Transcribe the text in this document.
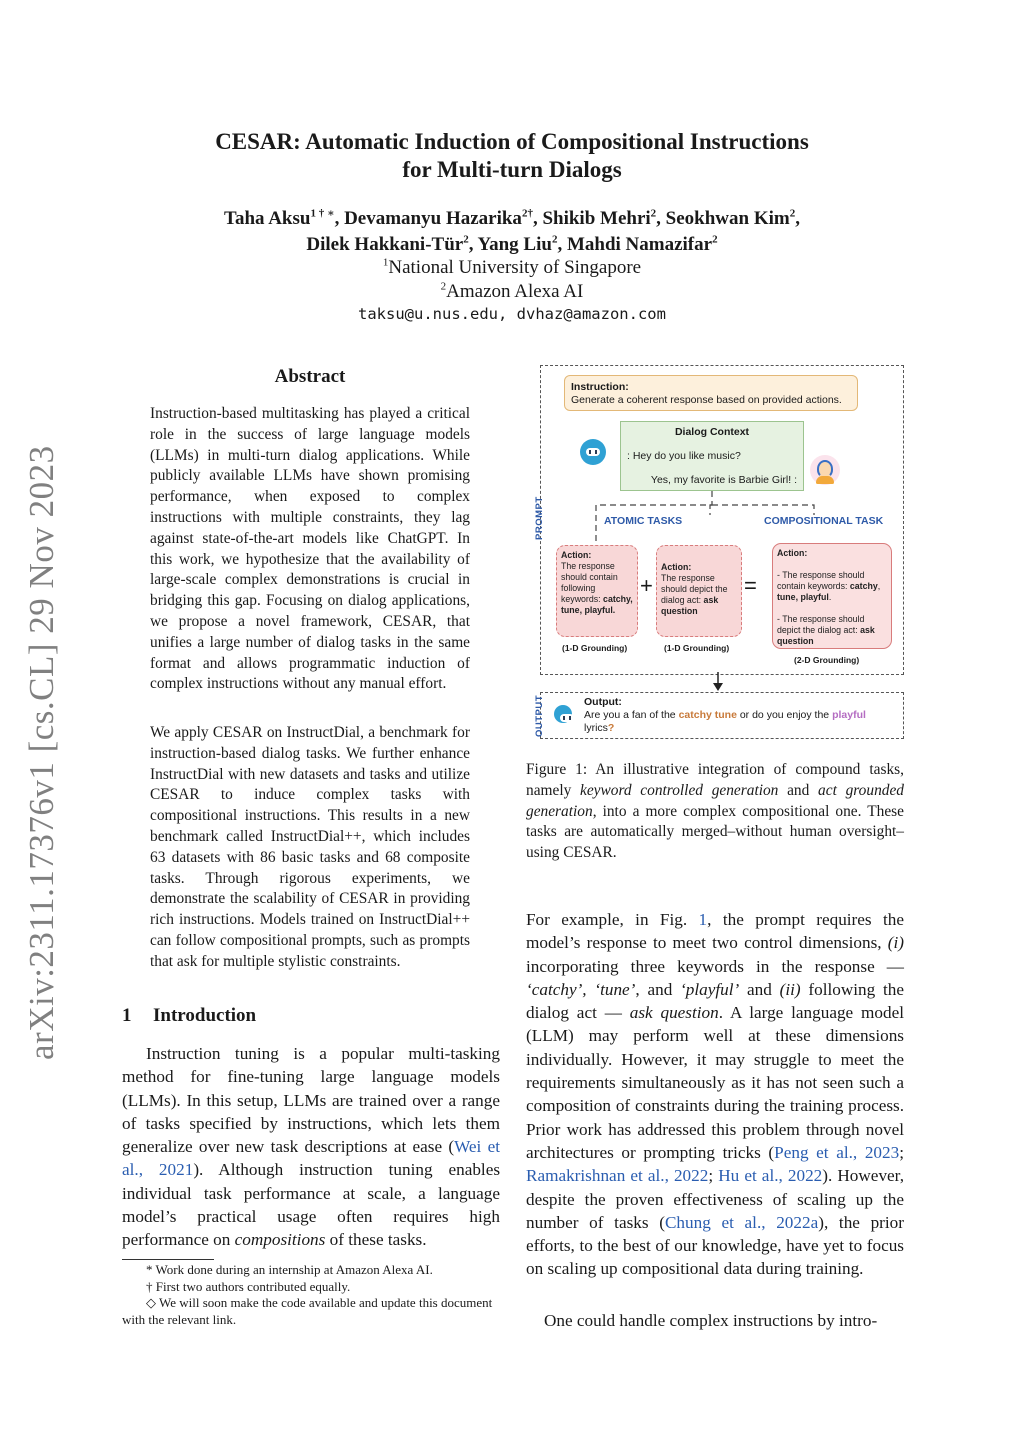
arXiv:2311.17376v1 [cs.CL] 29 Nov 2023
CESAR: Automatic Induction of Compositional Instructions
for Multi-turn Dialogs
Taha Aksu$^{1 \dagger ∗}$, Devamanyu Hazarika$^{2\dagger}$, Shikib Mehri$^2$, Seokhwan Kim$^2$,
Dilek Hakkani-Tür$^2$, Yang Liu$^2$, Mahdi Namazifar$^2$
$^1$National University of Singapore
$^2$Amazon Alexa AI
taksu@u.nus.edu, dvhaz@amazon.com
Abstract
Instruction-based multitasking has played a critical role in the success of large language models (LLMs) in multi-turn dialog applications. While publicly available LLMs have shown promising performance, when exposed to complex instructions with multiple constraints, they lag against state-of-the-art models like ChatGPT. In this work, we hypothesize that the availability of large-scale complex demonstrations is crucial in bridging this gap. Focusing on dialog applications, we propose a novel framework, CESAR, that unifies a large number of dialog tasks in the same format and allows programmatic induction of complex instructions without any manual effort.
We apply CESAR on InstructDial, a benchmark for instruction-based dialog tasks. We further enhance InstructDial with new datasets and tasks and utilize CESAR to induce complex tasks with compositional instructions. This results in a new benchmark called InstructDial++, which includes 63 datasets with 86 basic tasks and 68 composite tasks. Through rigorous experiments, we demonstrate the scalability of CESAR in providing rich instructions. Models trained on InstructDial++ can follow compositional prompts, such as prompts that ask for multiple stylistic constraints.
1 Introduction
Instruction tuning is a popular multi-tasking method for fine-tuning large language models (LLMs). In this setup, LLMs are trained over a range of tasks specified by instructions, which lets them generalize over new task descriptions at ease (Wei et al., 2021). Although instruction tuning enables individual task performance at scale, a language model’s practical usage often requires high performance on compositions of these tasks.
* Work done during an internship at Amazon Alexa AI.
† First two authors contributed equally.
◇ We will soon make the code available and update this document with the relevant link.
PROMPT
Instruction:
Generate a coherent response based on provided actions.
Dialog Context
: Hey do you like music?
Yes, my favorite is Barbie Girl! :
ATOMIC TASKS	COMPOSITIONAL TASK
Action:
The response should contain following keywords: catchy, tune, playful.
+
Action:
The response should depict the dialog act: ask question
=
Action:

- The response should contain keywords: catchy, tune, playful.

- The response should depict the dialog act: ask question
(1-D Grounding)	(1-D Grounding)
(2-D Grounding)
OUTPUT	Output:
Are you a fan of the catchy tune or do you enjoy the playful
lyrics?
Figure 1: An illustrative integration of compound tasks, namely keyword controlled generation and act grounded generation, into a more complex compositional one. These tasks are automatically merged–without human oversight–using CESAR.
For example, in Fig. 1, the prompt requires the model’s response to meet two control dimensions, (i) incorporating three keywords in the response — ‘catchy’, ‘tune’, and ‘playful’ and (ii) following the dialog act — ask question. A large language model (LLM) may perform well at these dimensions individually. However, it may struggle to meet the requirements simultaneously as it has not seen such a composition of constraints during the training process. Prior work has addressed this problem through novel architectures or prompting tricks (Peng et al., 2023; Ramakrishnan et al., 2022; Hu et al., 2022). However, despite the proven effectiveness of scaling up the number of tasks (Chung et al., 2022a), the prior efforts, to the best of our knowledge, have yet to focus on scaling up compositional data during training.
One could handle complex instructions by intro-
